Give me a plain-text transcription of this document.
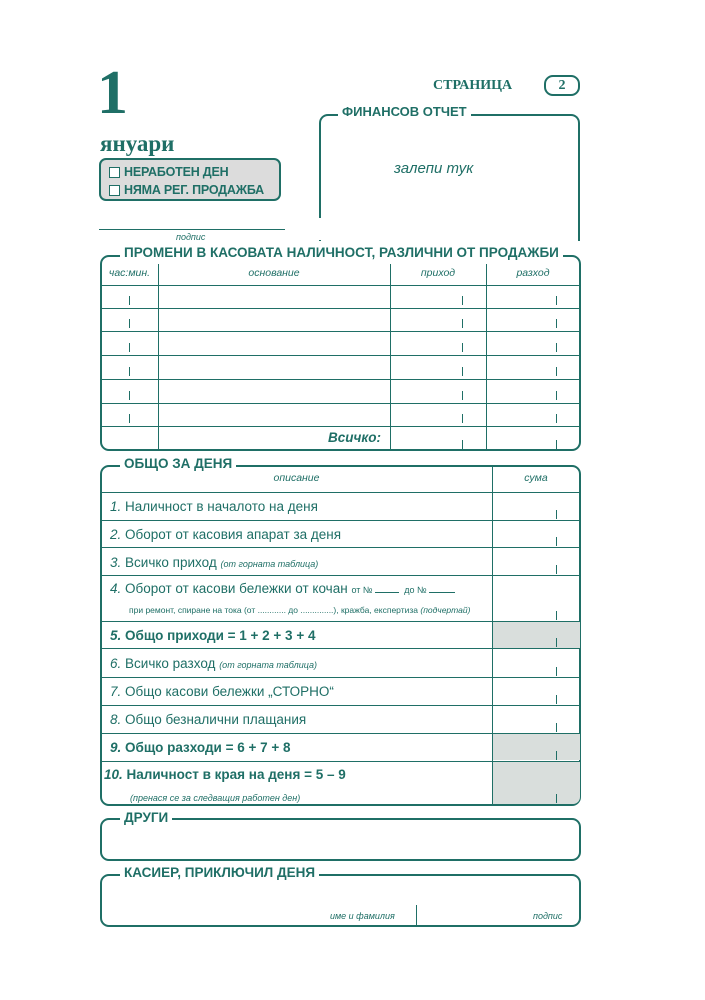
1
януари
НЕРАБОТЕН ДЕН
НЯМА РЕГ. ПРОДАЖБА
подпис
СТРАНИЦА	2
ФИНАНСОВ ОТЧЕТ
залепи тук
ПРОМЕНИ В КАСОВАТА НАЛИЧНОСТ, РАЗЛИЧНИ ОТ ПРОДАЖБИ
час:мин.	основание	приход	разход
Всичко:
ОБЩО ЗА ДЕНЯ
описание	сума
1. Наличност в началото на деня
2. Оборот от касовия апарат за деня
3. Всичко приход (от горната таблица)
4. Оборот от касови бележки от кочан от №	до №
при ремонт, спиране на тока (от ............ до ..............), кражба, експертиза (подчертай)
5. Общо приходи = 1 + 2 + 3 + 4
6. Всичко разход (от горната таблица)
7. Общо касови бележки „СТОРНО“
8. Общо безналични плащания
9. Общо разходи = 6 + 7 + 8
10. Наличност в края на деня = 5 – 9
(пренася се за следващия работен ден)
ДРУГИ
КАСИЕР, ПРИКЛЮЧИЛ ДЕНЯ
име и фамилия	подпис
